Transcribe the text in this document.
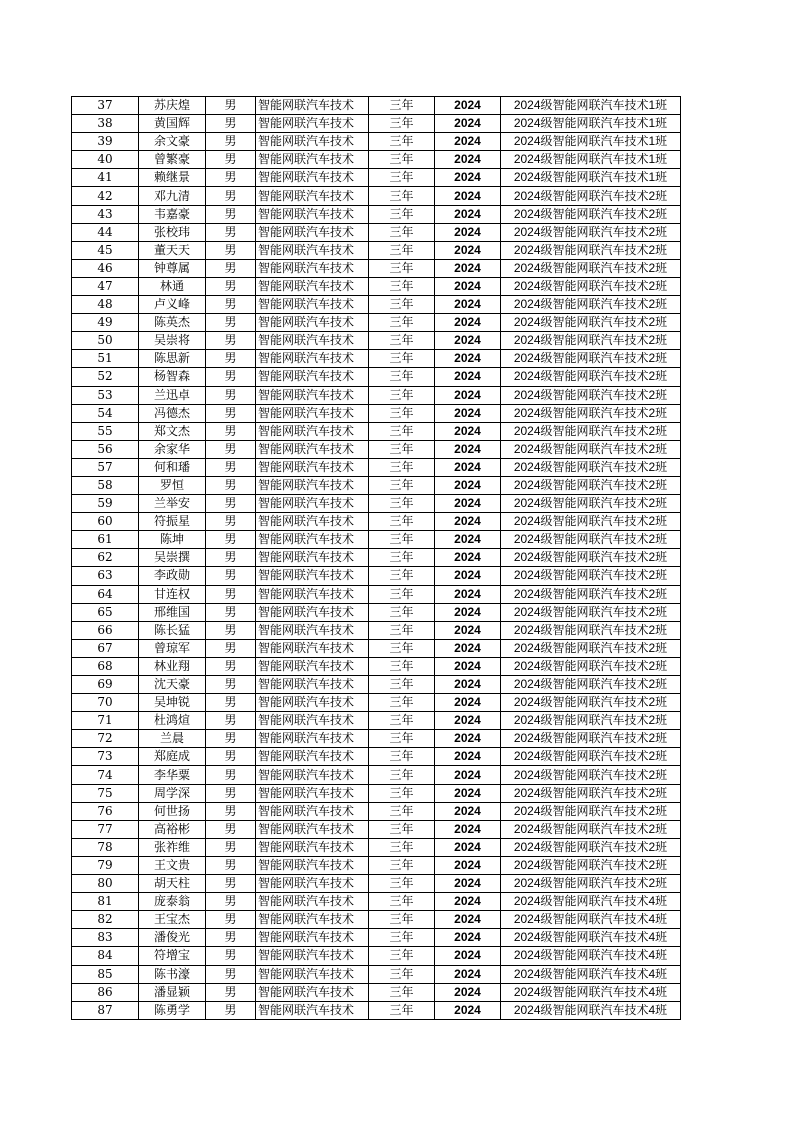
37	苏庆煌	男	智能网联汽车技术	三年	2024	2024级智能网联汽车技术1班
38	黄国辉	男	智能网联汽车技术	三年	2024	2024级智能网联汽车技术1班
39	余文豪	男	智能网联汽车技术	三年	2024	2024级智能网联汽车技术1班
40	曾繁豪	男	智能网联汽车技术	三年	2024	2024级智能网联汽车技术1班
41	赖继景	男	智能网联汽车技术	三年	2024	2024级智能网联汽车技术1班
42	邓九清	男	智能网联汽车技术	三年	2024	2024级智能网联汽车技术2班
43	韦嘉豪	男	智能网联汽车技术	三年	2024	2024级智能网联汽车技术2班
44	张校玮	男	智能网联汽车技术	三年	2024	2024级智能网联汽车技术2班
45	董天天	男	智能网联汽车技术	三年	2024	2024级智能网联汽车技术2班
46	钟尊属	男	智能网联汽车技术	三年	2024	2024级智能网联汽车技术2班
47	林通	男	智能网联汽车技术	三年	2024	2024级智能网联汽车技术2班
48	卢义峰	男	智能网联汽车技术	三年	2024	2024级智能网联汽车技术2班
49	陈英杰	男	智能网联汽车技术	三年	2024	2024级智能网联汽车技术2班
50	吴崇将	男	智能网联汽车技术	三年	2024	2024级智能网联汽车技术2班
51	陈思新	男	智能网联汽车技术	三年	2024	2024级智能网联汽车技术2班
52	杨智森	男	智能网联汽车技术	三年	2024	2024级智能网联汽车技术2班
53	兰迅卓	男	智能网联汽车技术	三年	2024	2024级智能网联汽车技术2班
54	冯德杰	男	智能网联汽车技术	三年	2024	2024级智能网联汽车技术2班
55	郑文杰	男	智能网联汽车技术	三年	2024	2024级智能网联汽车技术2班
56	余家华	男	智能网联汽车技术	三年	2024	2024级智能网联汽车技术2班
57	何和璠	男	智能网联汽车技术	三年	2024	2024级智能网联汽车技术2班
58	罗恒	男	智能网联汽车技术	三年	2024	2024级智能网联汽车技术2班
59	兰举安	男	智能网联汽车技术	三年	2024	2024级智能网联汽车技术2班
60	符振星	男	智能网联汽车技术	三年	2024	2024级智能网联汽车技术2班
61	陈坤	男	智能网联汽车技术	三年	2024	2024级智能网联汽车技术2班
62	吴崇撰	男	智能网联汽车技术	三年	2024	2024级智能网联汽车技术2班
63	李政勋	男	智能网联汽车技术	三年	2024	2024级智能网联汽车技术2班
64	甘连权	男	智能网联汽车技术	三年	2024	2024级智能网联汽车技术2班
65	邢维国	男	智能网联汽车技术	三年	2024	2024级智能网联汽车技术2班
66	陈长猛	男	智能网联汽车技术	三年	2024	2024级智能网联汽车技术2班
67	曾琼军	男	智能网联汽车技术	三年	2024	2024级智能网联汽车技术2班
68	林业翔	男	智能网联汽车技术	三年	2024	2024级智能网联汽车技术2班
69	沈天豪	男	智能网联汽车技术	三年	2024	2024级智能网联汽车技术2班
70	吴坤锐	男	智能网联汽车技术	三年	2024	2024级智能网联汽车技术2班
71	杜鸿煊	男	智能网联汽车技术	三年	2024	2024级智能网联汽车技术2班
72	兰晨	男	智能网联汽车技术	三年	2024	2024级智能网联汽车技术2班
73	郑庭成	男	智能网联汽车技术	三年	2024	2024级智能网联汽车技术2班
74	李华粟	男	智能网联汽车技术	三年	2024	2024级智能网联汽车技术2班
75	周学深	男	智能网联汽车技术	三年	2024	2024级智能网联汽车技术2班
76	何世扬	男	智能网联汽车技术	三年	2024	2024级智能网联汽车技术2班
77	高裕彬	男	智能网联汽车技术	三年	2024	2024级智能网联汽车技术2班
78	张祚维	男	智能网联汽车技术	三年	2024	2024级智能网联汽车技术2班
79	王文贵	男	智能网联汽车技术	三年	2024	2024级智能网联汽车技术2班
80	胡天柱	男	智能网联汽车技术	三年	2024	2024级智能网联汽车技术2班
81	庞泰翁	男	智能网联汽车技术	三年	2024	2024级智能网联汽车技术4班
82	王宝杰	男	智能网联汽车技术	三年	2024	2024级智能网联汽车技术4班
83	潘俊光	男	智能网联汽车技术	三年	2024	2024级智能网联汽车技术4班
84	符增宝	男	智能网联汽车技术	三年	2024	2024级智能网联汽车技术4班
85	陈书濠	男	智能网联汽车技术	三年	2024	2024级智能网联汽车技术4班
86	潘显颖	男	智能网联汽车技术	三年	2024	2024级智能网联汽车技术4班
87	陈勇学	男	智能网联汽车技术	三年	2024	2024级智能网联汽车技术4班
